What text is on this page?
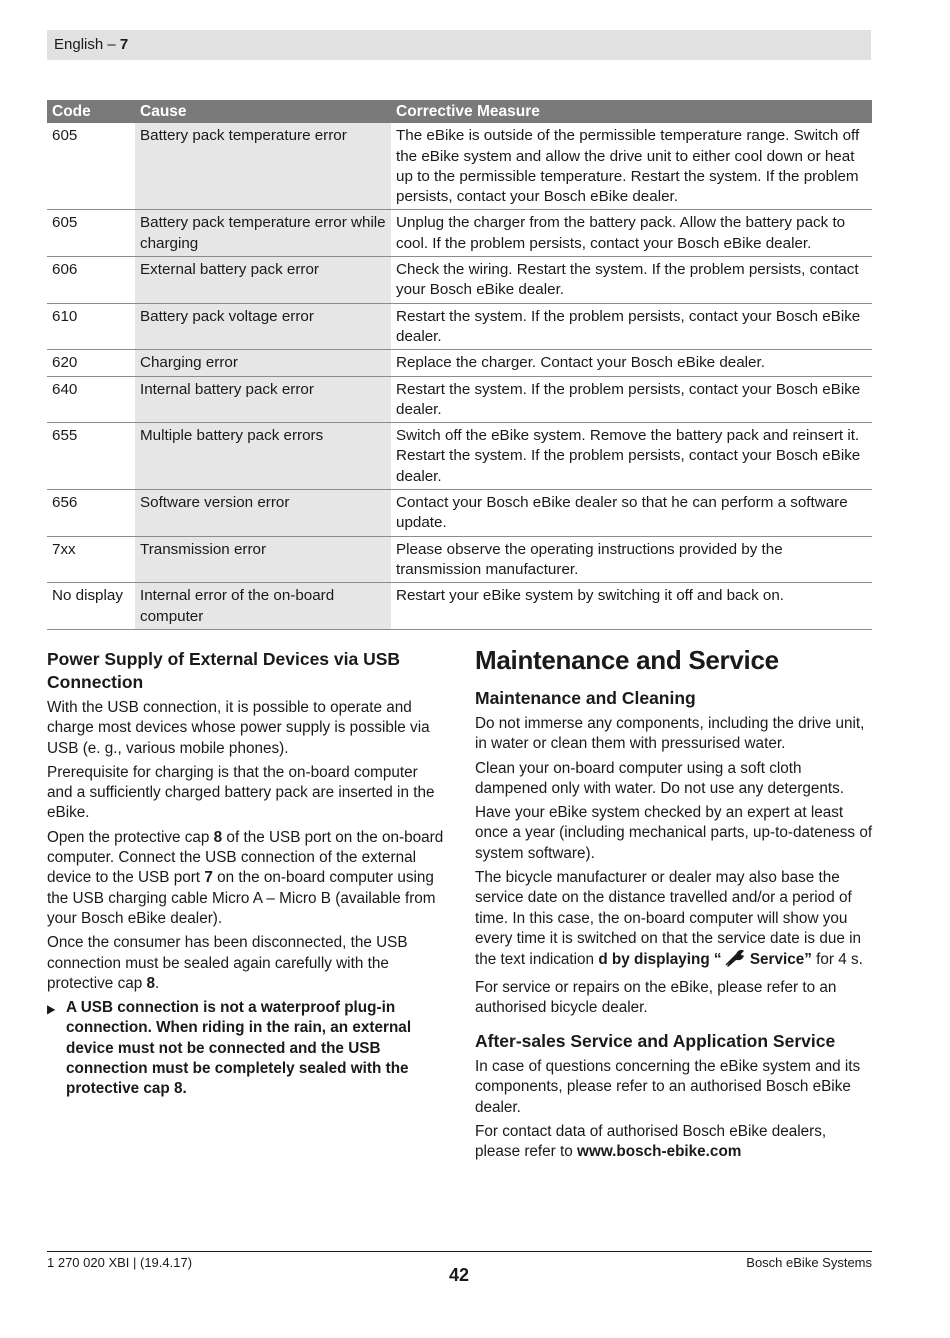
English – 7
Code	Cause	Corrective Measure
605	Battery pack temperature error	The eBike is outside of the permissible temperature range. Switch off the eBike system and allow the drive unit to either cool down or heat up to the permissible temperature. Restart the system. If the problem persists, contact your Bosch eBike dealer.
605	Battery pack temperature error while charging	Unplug the charger from the battery pack. Allow the battery pack to cool. If the problem persists, contact your Bosch eBike dealer.
606	External battery pack error	Check the wiring. Restart the system. If the problem persists, contact your Bosch eBike dealer.
610	Battery pack voltage error	Restart the system. If the problem persists, contact your Bosch eBike dealer.
620	Charging error	Replace the charger. Contact your Bosch eBike dealer.
640	Internal battery pack error	Restart the system. If the problem persists, contact your Bosch eBike dealer.
655	Multiple battery pack errors	Switch off the eBike system. Remove the battery pack and reinsert it. Restart the system. If the problem persists, contact your Bosch eBike dealer.
656	Software version error	Contact your Bosch eBike dealer so that he can perform a software update.
7xx	Transmission error	Please observe the operating instructions provided by the transmission manufacturer.
No display	Internal error of the on-board computer	Restart your eBike system by switching it off and back on.
Power Supply of External Devices via USB Connection

With the USB connection, it is possible to operate and charge most devices whose power supply is possible via USB (e. g., various mobile phones).

Prerequisite for charging is that the on-board computer and a sufficiently charged battery pack are inserted in the eBike.

Open the protective cap 8 of the USB port on the on-board computer. Connect the USB connection of the external device to the USB port 7 on the on-board computer using the USB charging cable Micro A – Micro B (available from your Bosch eBike dealer).

Once the consumer has been disconnected, the USB connection must be sealed again carefully with the protective cap 8.

▶ A USB connection is not a waterproof plug-in connection. When riding in the rain, an external device must not be connected and the USB connection must be completely sealed with the protective cap 8.

Maintenance and Service
Maintenance and Cleaning

Do not immerse any components, including the drive unit, in water or clean them with pressurised water.

Clean your on-board computer using a soft cloth dampened only with water. Do not use any detergents.

Have your eBike system checked by an expert at least once a year (including mechanical parts, up-to-dateness of system software).

The bicycle manufacturer or dealer may also base the service date on the distance travelled and/or a period of time. In this case, the on-board computer will show you every time it is switched on that the service date is due in the text indication d by displaying “ Service” for 4 s.

For service or repairs on the eBike, please refer to an authorised bicycle dealer.

After-sales Service and Application Service

In case of questions concerning the eBike system and its components, please refer to an authorised Bosch eBike dealer.

For contact data of authorised Bosch eBike dealers, please refer to www.bosch-ebike.com

1 270 020 XBI | (19.4.17)	Bosch eBike Systems
42
